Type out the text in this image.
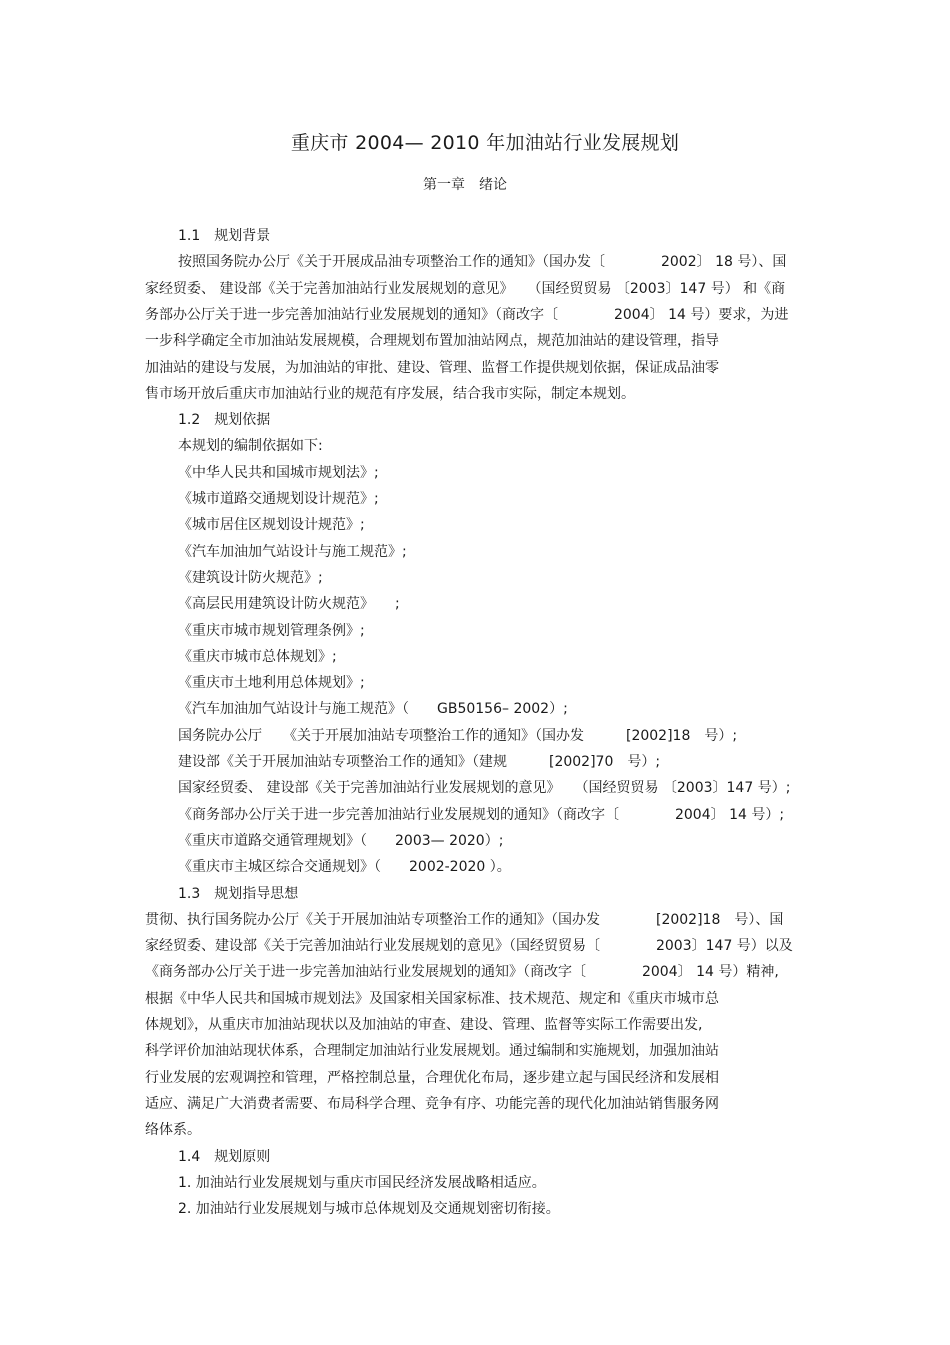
重庆市 2004— 2010 年加油站行业发展规划
第一章　绪论
1.1　规划背景
按照国务院办公厅《关于开展成品油专项整治工作的通知》（国办发〔　　　　2002〕 18 号）、国
家经贸委、 建设部《关于完善加油站行业发展规划的意见》　　（国经贸贸易 〔2003〕147 号） 和《商
务部办公厅关于进一步完善加油站行业发展规划的通知》（商改字〔　　　　2004〕 14 号）要求，为进
一步科学确定全市加油站发展规模，合理规划布置加油站网点，规范加油站的建设管理，指导
加油站的建设与发展，为加油站的审批、建设、管理、监督工作提供规划依据，保证成品油零
售市场开放后重庆市加油站行业的规范有序发展，结合我市实际，制定本规划。
1.2　规划依据
本规划的编制依据如下:
《中华人民共和国城市规划法》;
《城市道路交通规划设计规范》;
《城市居住区规划设计规范》;
《汽车加油加气站设计与施工规范》;
《建筑设计防火规范》;
《高层民用建筑设计防火规范》　　;
《重庆市城市规划管理条例》;
《重庆市城市总体规划》;
《重庆市土地利用总体规划》;
《汽车加油加气站设计与施工规范》（　　GB50156– 2002）;
国务院办公厅　　《关于开展加油站专项整治工作的通知》（国办发　　　[2002]18　号）;
建设部《关于开展加油站专项整治工作的通知》（建规　　　[2002]70　号）;
国家经贸委、 建设部《关于完善加油站行业发展规划的意见》　　（国经贸贸易 〔2003〕147 号）;
《商务部办公厅关于进一步完善加油站行业发展规划的通知》（商改字〔　　　　2004〕 14 号）;
《重庆市道路交通管理规划》（　　2003— 2020）;
《重庆市主城区综合交通规划》（　　2002-2020 ）。
1.3　规划指导思想
贯彻、执行国务院办公厅《关于开展加油站专项整治工作的通知》（国办发　　　　[2002]18　号）、国
家经贸委、建设部《关于完善加油站行业发展规划的意见》（国经贸贸易〔　　　　2003〕147 号）以及
《商务部办公厅关于进一步完善加油站行业发展规划的通知》（商改字〔　　　　2004〕 14 号）精神,
根据《中华人民共和国城市规划法》及国家相关国家标准、技术规范、规定和《重庆市城市总
体规划》，从重庆市加油站现状以及加油站的审查、建设、管理、监督等实际工作需要出发,
科学评价加油站现状体系，合理制定加油站行业发展规划。通过编制和实施规划，加强加油站
行业发展的宏观调控和管理，严格控制总量，合理优化布局，逐步建立起与国民经济和发展相
适应、满足广大消费者需要、布局科学合理、竞争有序、功能完善的现代化加油站销售服务网
络体系。
1.4　规划原则
1. 加油站行业发展规划与重庆市国民经济发展战略相适应。
2. 加油站行业发展规划与城市总体规划及交通规划密切衔接。
